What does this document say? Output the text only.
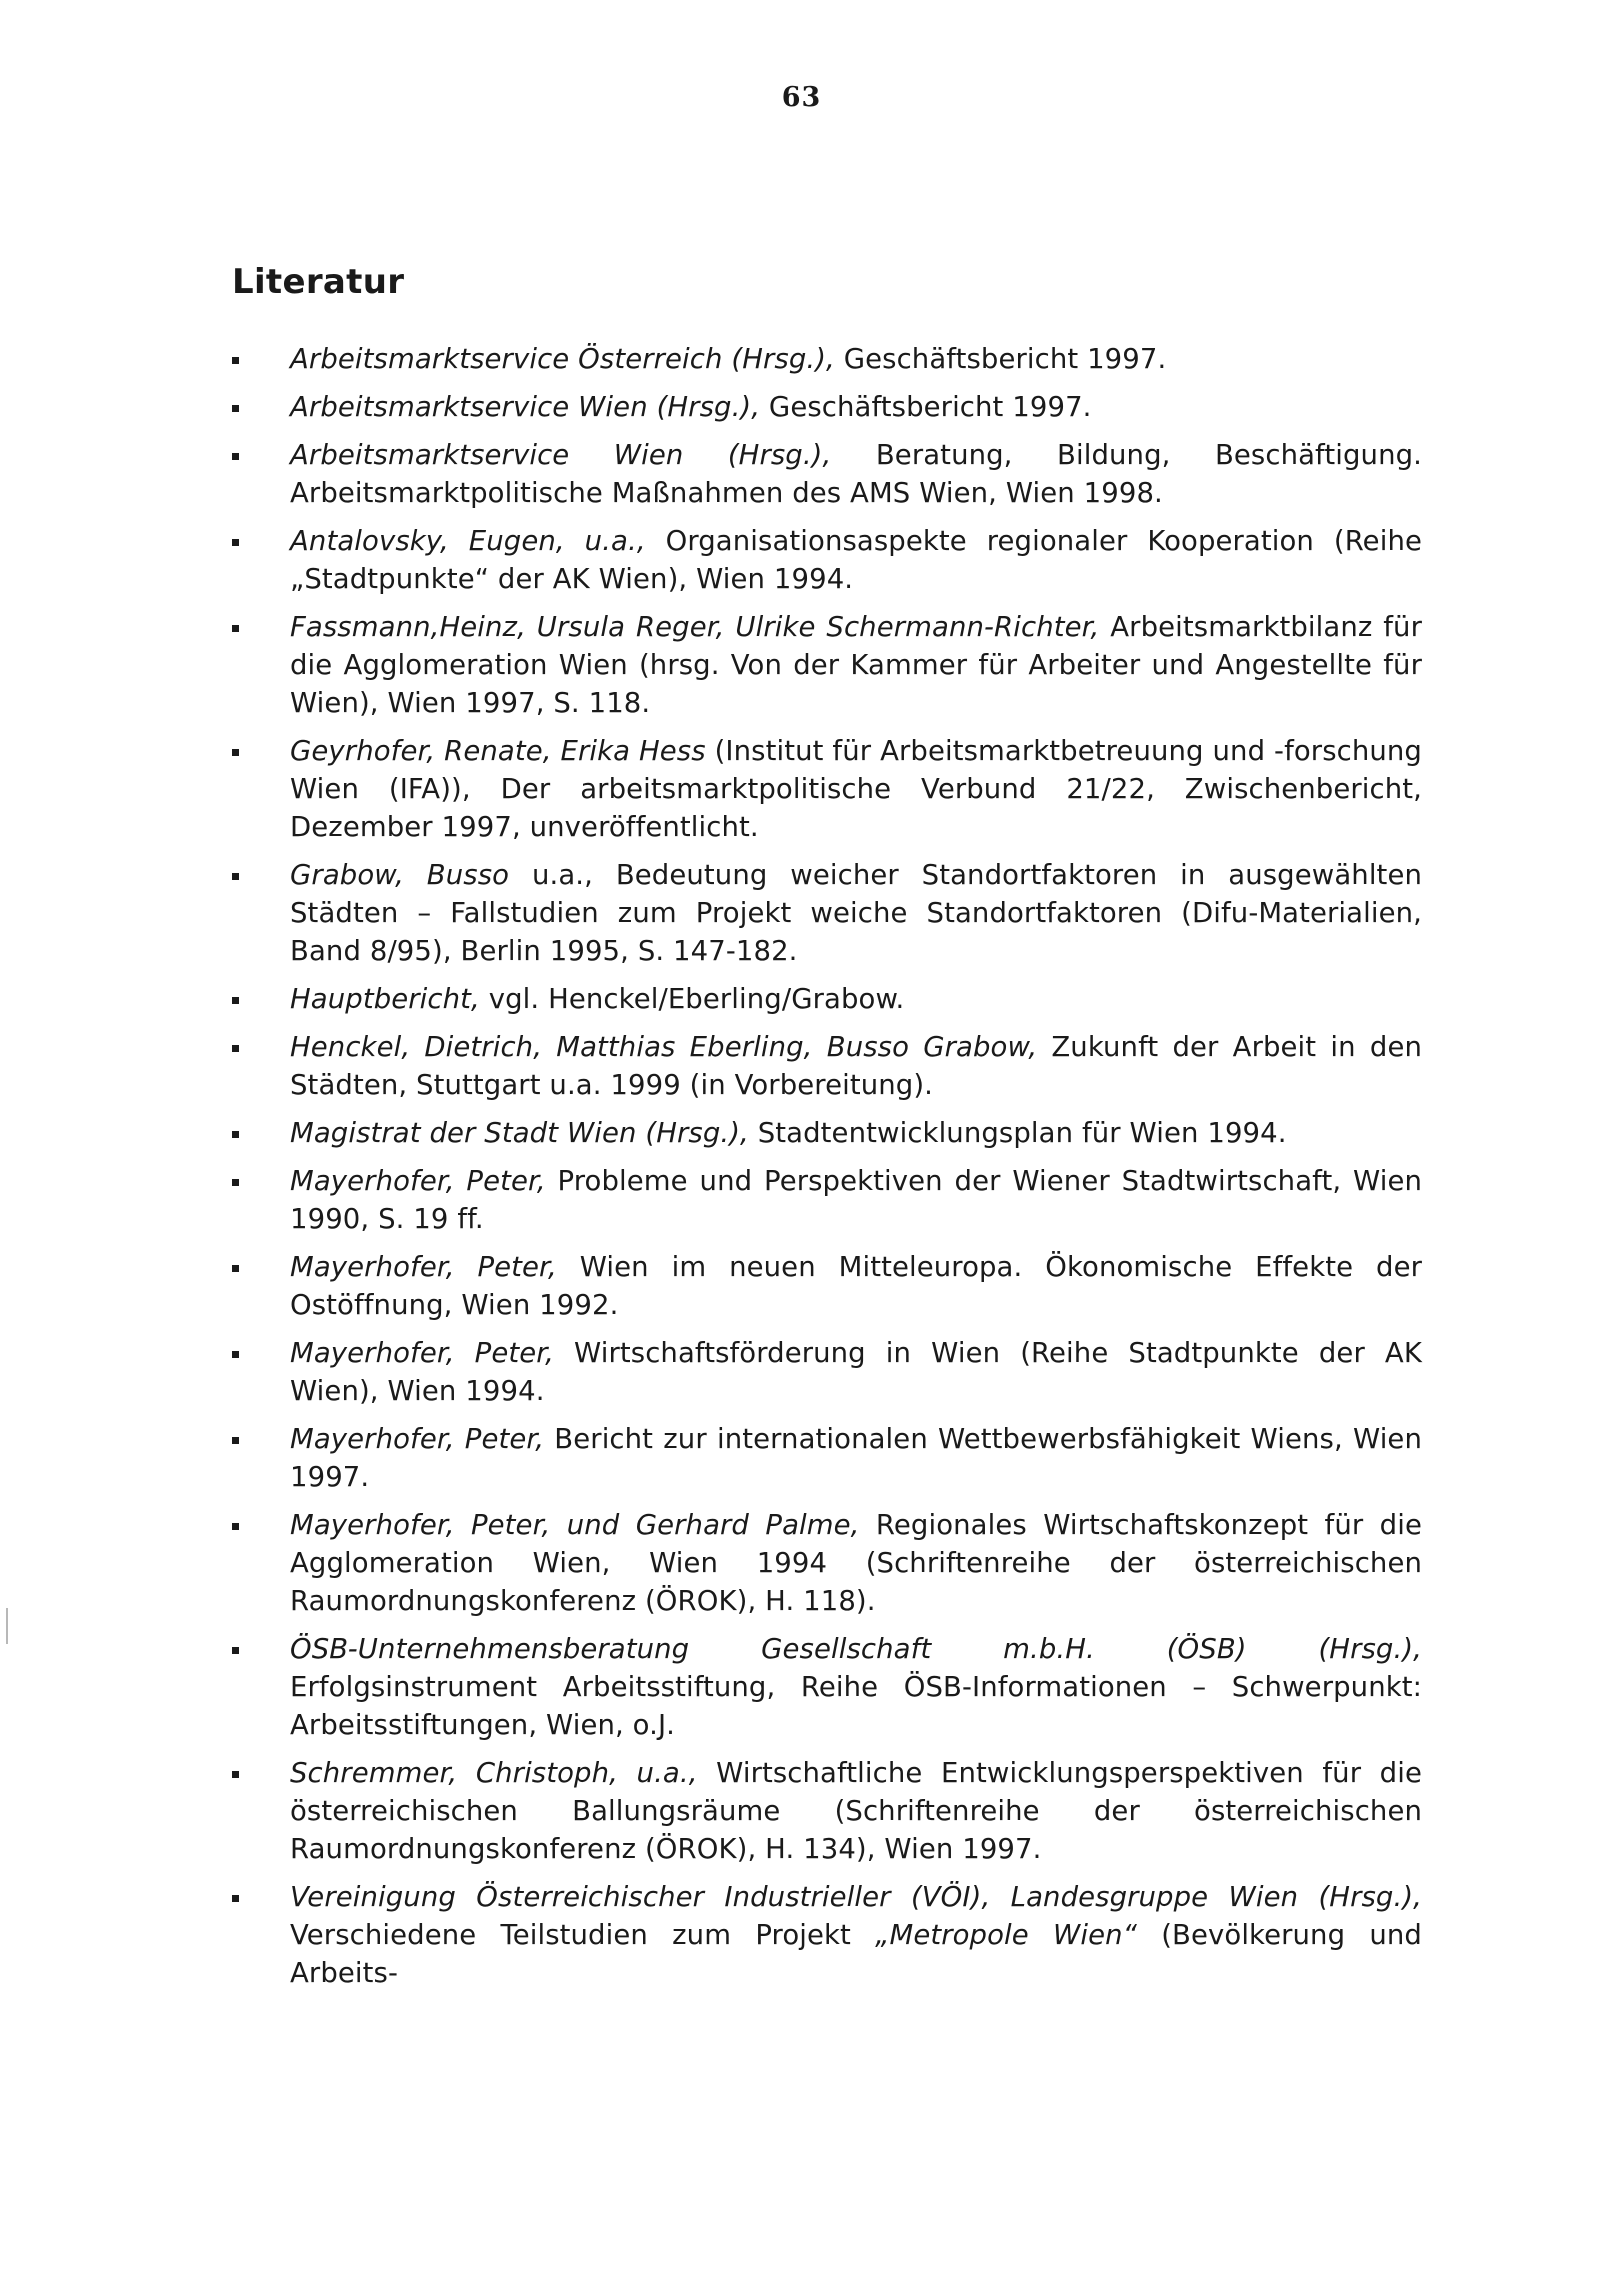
63
Literatur
Arbeitsmarktservice Österreich (Hrsg.), Geschäftsbericht 1997.
Arbeitsmarktservice Wien (Hrsg.), Geschäftsbericht 1997.
Arbeitsmarktservice Wien (Hrsg.), Beratung, Bildung, Beschäftigung. Arbeitsmarktpolitische Maßnahmen des AMS Wien, Wien 1998.
Antalovsky, Eugen, u.a., Organisationsaspekte regionaler Kooperation (Reihe „Stadtpunkte“ der AK Wien), Wien 1994.
Fassmann,Heinz, Ursula Reger, Ulrike Schermann-Richter, Arbeitsmarktbilanz für die Agglomeration Wien (hrsg. Von der Kammer für Arbeiter und Angestellte für Wien), Wien 1997, S. 118.
Geyrhofer, Renate, Erika Hess (Institut für Arbeitsmarktbetreuung und -forschung Wien (IFA)), Der arbeitsmarktpolitische Verbund 21/22, Zwischenbericht, Dezember 1997, unveröffentlicht.
Grabow, Busso u.a., Bedeutung weicher Standortfaktoren in ausgewählten Städten – Fallstudien zum Projekt weiche Standortfaktoren (Difu-Materialien, Band 8/95), Berlin 1995, S. 147-182.
Hauptbericht, vgl. Henckel/Eberling/Grabow.
Henckel, Dietrich, Matthias Eberling, Busso Grabow, Zukunft der Arbeit in den Städten, Stuttgart u.a. 1999 (in Vorbereitung).
Magistrat der Stadt Wien (Hrsg.), Stadtentwicklungsplan für Wien 1994.
Mayerhofer, Peter, Probleme und Perspektiven der Wiener Stadtwirtschaft, Wien 1990, S. 19 ff.
Mayerhofer, Peter, Wien im neuen Mitteleuropa. Ökonomische Effekte der Ostöffnung, Wien 1992.
Mayerhofer, Peter, Wirtschaftsförderung in Wien (Reihe Stadtpunkte der AK Wien), Wien 1994.
Mayerhofer, Peter, Bericht zur internationalen Wettbewerbsfähigkeit Wiens, Wien 1997.
Mayerhofer, Peter, und Gerhard Palme, Regionales Wirtschaftskonzept für die Agglomeration Wien, Wien 1994 (Schriftenreihe der österreichischen Raumordnungskonferenz (ÖROK), H. 118).
ÖSB-Unternehmensberatung Gesellschaft m.b.H. (ÖSB) (Hrsg.), Erfolgsinstrument Arbeitsstiftung, Reihe ÖSB-Informationen – Schwerpunkt: Arbeitsstiftungen, Wien, o.J.
Schremmer, Christoph, u.a., Wirtschaftliche Entwicklungsperspektiven für die österreichischen Ballungsräume (Schriftenreihe der österreichischen Raumordnungskonferenz (ÖROK), H. 134), Wien 1997.
Vereinigung Österreichischer Industrieller (VÖI), Landesgruppe Wien (Hrsg.), Verschiedene Teilstudien zum Projekt „Metropole Wien“ (Bevölkerung und Arbeits-
